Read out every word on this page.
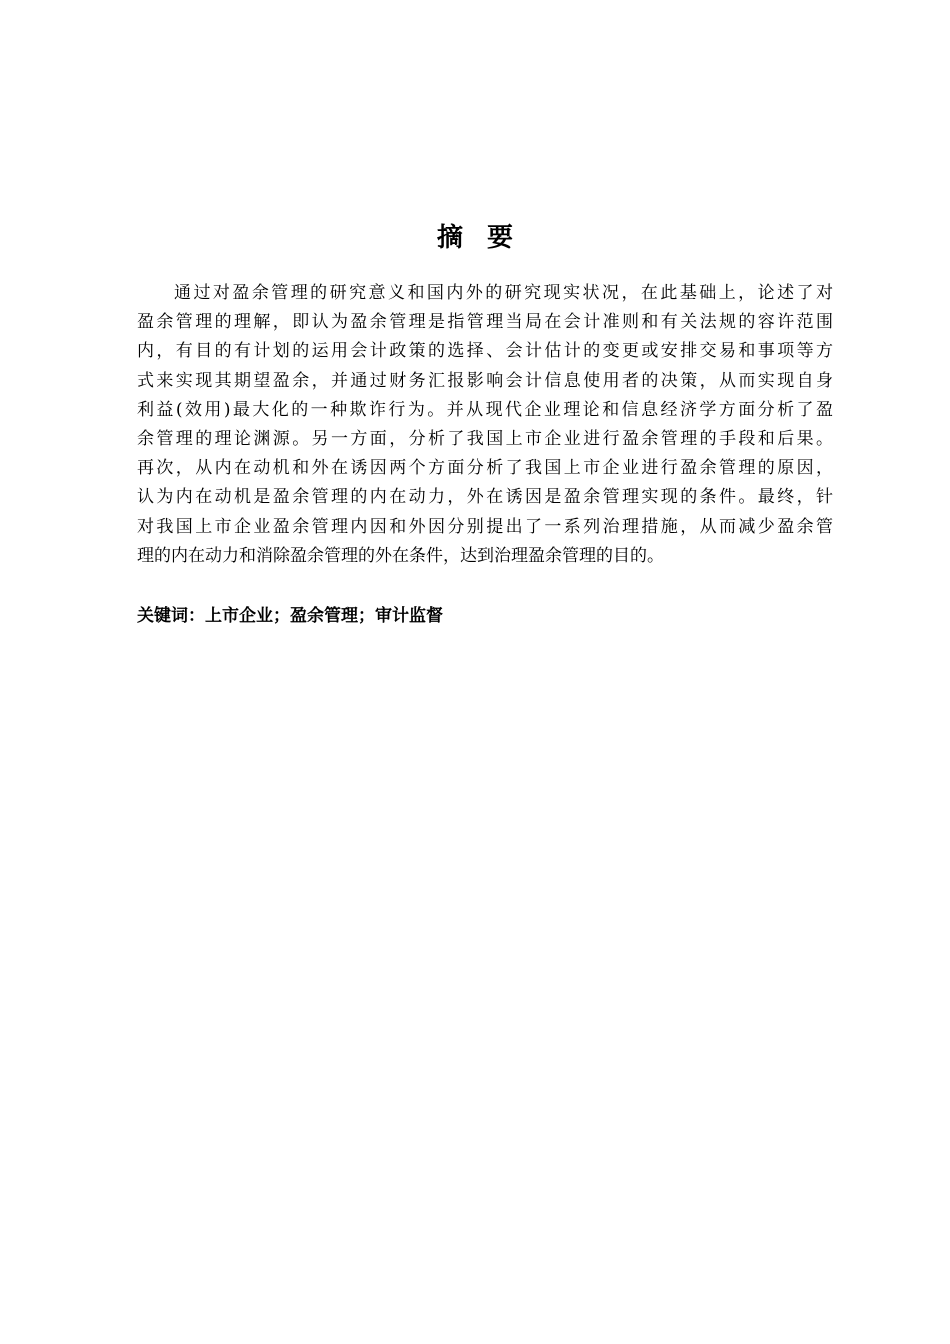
摘要
通过对盈余管理的研究意义和国内外的研究现实状况，在此基础上，论述了对
盈余管理的理解，即认为盈余管理是指管理当局在会计准则和有关法规的容许范围
内，有目的有计划的运用会计政策的选择、会计估计的变更或安排交易和事项等方
式来实现其期望盈余，并通过财务汇报影响会计信息使用者的决策，从而实现自身
利益(效用)最大化的一种欺诈行为。并从现代企业理论和信息经济学方面分析了盈
余管理的理论渊源。另一方面，分析了我国上市企业进行盈余管理的手段和后果。
再次，从内在动机和外在诱因两个方面分析了我国上市企业进行盈余管理的原因，
认为内在动机是盈余管理的内在动力，外在诱因是盈余管理实现的条件。最终，针
对我国上市企业盈余管理内因和外因分别提出了一系列治理措施，从而减少盈余管
理的内在动力和消除盈余管理的外在条件，达到治理盈余管理的目的。
关键词：上市企业；盈余管理；审计监督
